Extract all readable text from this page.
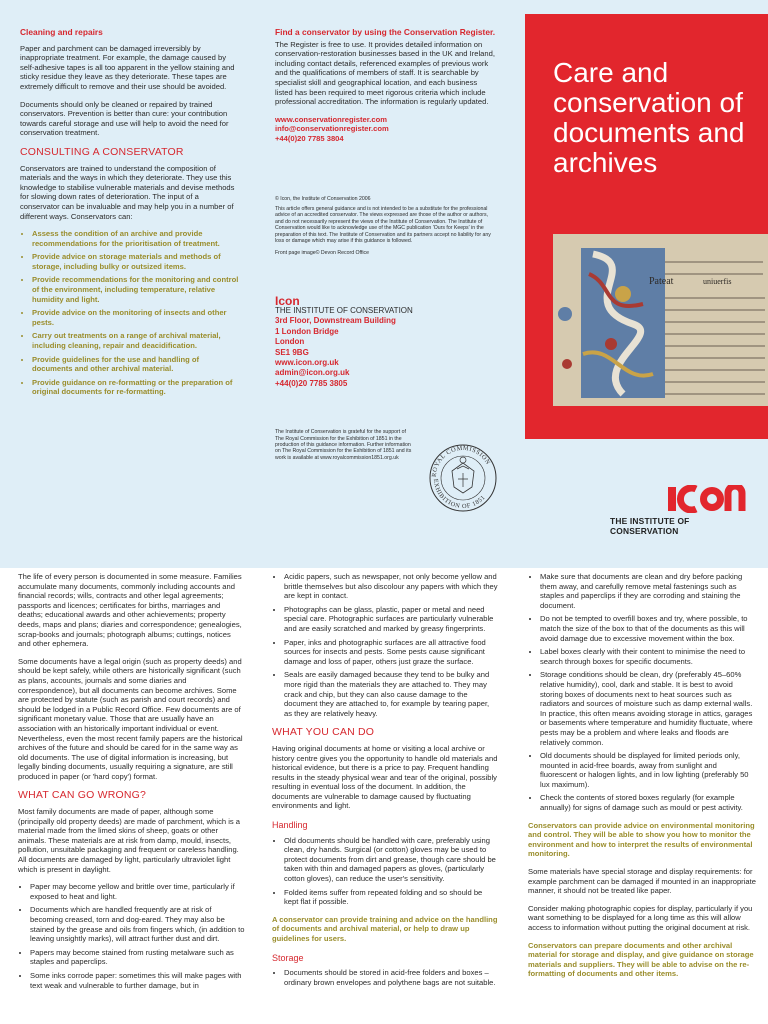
Cleaning and repairs

Paper and parchment can be damaged irreversibly by inappropriate treatment. For example, the damage caused by self-adhesive tapes is all too apparent in the yellow staining and sticky residue they leave as they deteriorate. These tapes are extremely difficult to remove and their use should be avoided.

Documents should only be cleaned or repaired by trained conservators. Prevention is better than cure: your contribution towards careful storage and use will help to avoid the need for conservation treatment.

CONSULTING A CONSERVATOR

Conservators are trained to understand the composition of materials and the ways in which they deteriorate. They use this knowledge to stabilise vulnerable materials and devise methods for slowing down rates of deterioration. The input of a conservator can be invaluable and may help you in a number of different ways. Conservators can:

• Assess the condition of an archive and provide recommendations for the prioritisation of treatment.
• Provide advice on storage materials and methods of storage, including bulky or outsized items.
• Provide recommendations for the monitoring and control of the environment, including temperature, relative humidity and light.
• Provide advice on the monitoring of insects and other pests.
• Carry out treatments on a range of archival material, including cleaning, repair and deacidification.
• Provide guidelines for the use and handling of documents and other archival material.
• Provide guidance on re-formatting or the preparation of original documents for re-formatting.
Find a conservator by using the Conservation Register.

The Register is free to use. It provides detailed information on conservation-restoration businesses based in the UK and Ireland, including contact details, referenced examples of previous work and the qualifications of members of staff. It is searchable by specialist skill and geographical location, and each business listed has been required to meet rigorous criteria which include professional accreditation. The information is regularly updated.

www.conservationregister.com
info@conservationregister.com
+44(0)20 7785 3804
© Icon, the Institute of Conservation 2006
This article offers general guidance and is not intended to be a substitute for the professional advice of an accredited conservator. The views expressed are those of the author or authors, and do not necessarily represent the views of the Institute of Conservation. The Institute of Conservation would like to acknowledge use of the MGC publication 'Ours for Keeps' in the preparation of this text. The Institute of Conservation and its partners accept no liability for any loss or damage which may arise if this guidance is followed.
Front page image© Devon Record Office
Icon
THE INSTITUTE OF CONSERVATION
3rd Floor, Downstream Building
1 London Bridge
London
SE1 9BG
www.icon.org.uk
admin@icon.org.uk
+44(0)20 7785 3805
The Institute of Conservation is grateful for the support of The Royal Commission for the Exhibition of 1851 in the production of this guidance information. Further information on The Royal Commission for the Exhibition of 1851 and its work is available at www.royalcommission1851.org.uk
ROYAL COMMISSION
EXHIBITION OF 1851
Care and conservation of documents and archives
Pateat	uniuerfis
THE INSTITUTE OF CONSERVATION

The life of every person is documented in some measure. Families accumulate many documents, commonly including accounts and financial records; wills, contracts and other legal agreements; passports and licences; certificates for births, marriages and deaths; educational awards and other achievements; property deeds, maps and plans; diaries and correspondence; genealogies, scrap-books and journals; photograph albums; cuttings, notices and other ephemera.

Some documents have a legal origin (such as property deeds) and should be kept safely, while others are historically significant (such as plans, accounts, journals and some diaries and correspondence), but all documents can become archives. Some are protected by statute (such as parish and court records) and should be lodged in a Public Record Office. Few documents are of significant monetary value. Those that are usually have an association with an historically important individual or event. Nevertheless, even the most recent family papers are the historical archives of the future and should be cared for in the same way as old documents. The use of digital information is increasing, but legally binding documents, usually requiring a signature, are still produced in paper (or 'hard copy') format.

WHAT CAN GO WRONG?

Most family documents are made of paper, although some (principally old property deeds) are made of parchment, which is a material made from the limed skins of sheep, goats or other animals. These materials are at risk from damp, mould, insects, pollution, unsuitable packaging and frequent or careless handling. All documents are damaged by light, particularly ultraviolet light which is present in daylight.

• Paper may become yellow and brittle over time, particularly if exposed to heat and light.
• Documents which are handled frequently are at risk of becoming creased, torn and dog-eared. They may also be stained by the grease and oils from fingers which, (in addition to leaving unsightly marks), will attract further dust and dirt.
• Papers may become stained from rusting metalware such as staples and paperclips.
• Some inks corrode paper: sometimes this will make pages with text weak and vulnerable to further damage, but in
• Acidic papers, such as newspaper, not only become yellow and brittle themselves but also discolour any papers with which they are kept in contact.
• Photographs can be glass, plastic, paper or metal and need special care. Photographic surfaces are particularly vulnerable and are easily scratched and marked by greasy fingerprints.
• Paper, inks and photographic surfaces are all attractive food sources for insects and pests. Some pests cause significant damage and loss of paper, others just graze the surface.
• Seals are easily damaged because they tend to be bulky and more rigid than the materials they are attached to. They may crack and chip, but they can also cause damage to the document they are attached to, for example by tearing paper, as they are relatively heavy.
WHAT YOU CAN DO

Having original documents at home or visiting a local archive or history centre gives you the opportunity to handle old materials and historical evidence, but there is a price to pay. Frequent handling results in the steady physical wear and tear of the original, possibly resulting in eventual loss of the document. In addition, the documents are vulnerable to damage caused by fluctuating environments and light.

Handling
• Old documents should be handled with care, preferably using clean, dry hands. Surgical (or cotton) gloves may be used to protect documents from dirt and grease, though care should be taken with thin and damaged papers as gloves, (particularly cotton gloves), can reduce the user's sensitivity.
• Folded items suffer from repeated folding and so should be kept flat if possible.

A conservator can provide training and advice on the handling of documents and archival material, or help to draw up guidelines for users.

Storage
• Documents should be stored in acid-free folders and boxes – ordinary brown envelopes and polythene bags are not suitable.
• Make sure that documents are clean and dry before packing them away, and carefully remove metal fastenings such as staples and paperclips if they are corroding and staining the document.
• Do not be tempted to overfill boxes and try, where possible, to match the size of the box to that of the documents as this will avoid damage due to excessive movement within the box.
• Label boxes clearly with their content to minimise the need to search through boxes for specific documents.
• Storage conditions should be clean, dry (preferably 45–60% relative humidity), cool, dark and stable. It is best to avoid storing boxes of documents next to heat sources such as radiators and sources of moisture such as damp external walls. In practice, this often means avoiding storage in attics, garages or basements where temperature and humidity fluctuate, where pests may be a problem and where leaks and floods are relatively common.
• Old documents should be displayed for limited periods only, mounted in acid-free boards, away from sunlight and fluorescent or halogen lights, and in low lighting (preferably 50 lux maximum).
• Check the contents of stored boxes regularly (for example annually) for signs of damage such as mould or pest activity.

Conservators can provide advice on environmental monitoring and control. They will be able to show you how to monitor the environment and how to interpret the results of environmental monitoring.

Some materials have special storage and display requirements: for example parchment can be damaged if mounted in an inappropriate manner, it should not be treated like paper.

Consider making photographic copies for display, particularly if you want something to be displayed for a long time as this will allow access to information without putting the original document at risk.

Conservators can prepare documents and other archival material for storage and display, and give guidance on storage materials and suppliers. They will be able to advise on the re-formatting of documents and other items.
